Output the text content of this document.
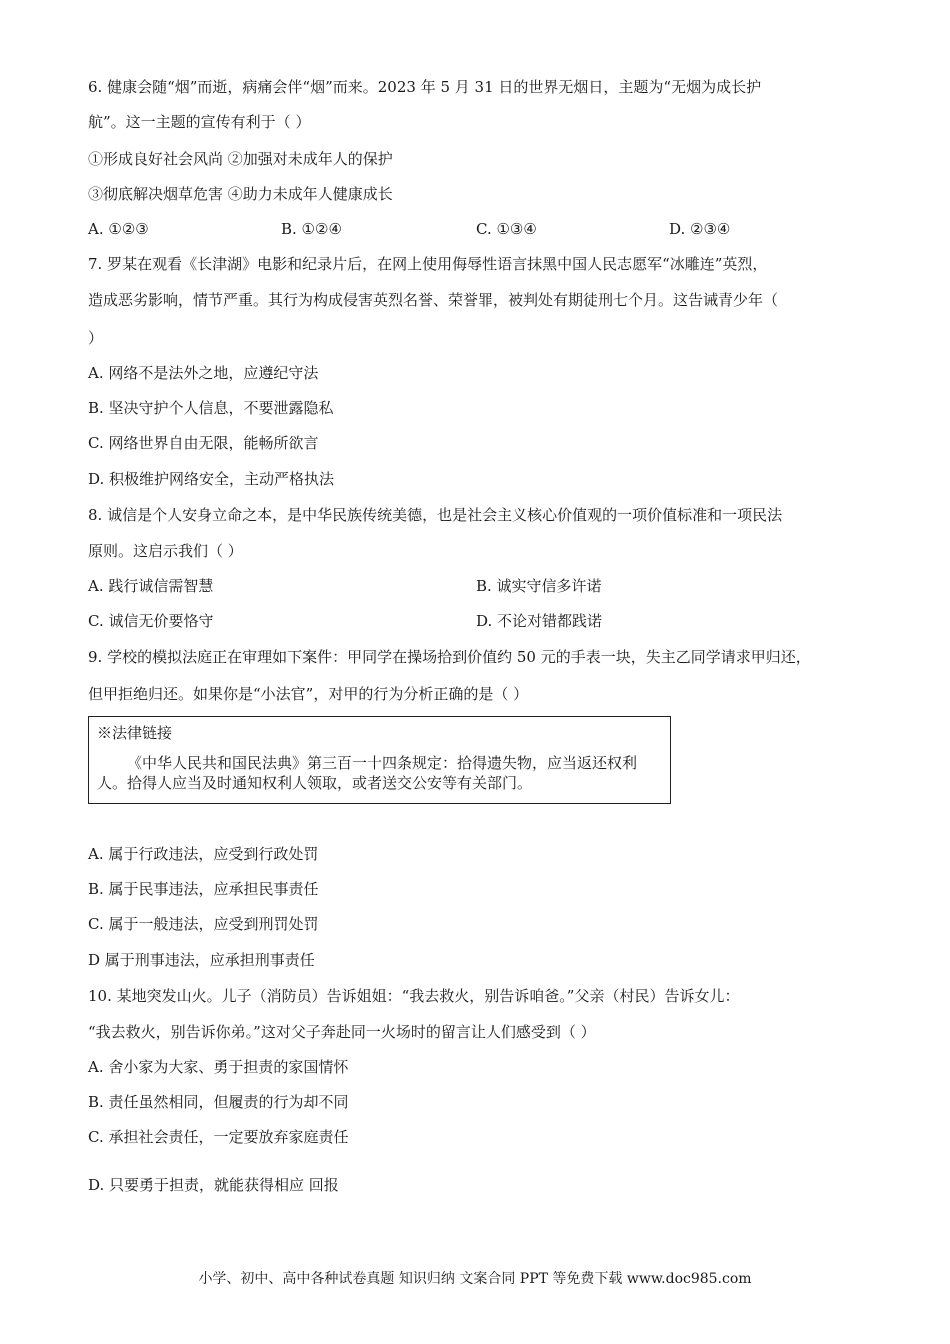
6. 健康会随“烟”而逝，病痛会伴“烟”而来。2023 年 5 月 31 日的世界无烟日，主题为“无烟为成长护
航”。这一主题的宣传有利于（ ）
①形成良好社会风尚 ②加强对未成年人的保护
③彻底解决烟草危害 ④助力未成年人健康成长
A. ①②③	B. ①②④	C. ①③④	D. ②③④
7. 罗某在观看《长津湖》电影和纪录片后，在网上使用侮辱性语言抹黑中国人民志愿军“冰雕连”英烈，
造成恶劣影响，情节严重。其行为构成侵害英烈名誉、荣誉罪，被判处有期徒刑七个月。这告诫青少年（
）
A. 网络不是法外之地，应遵纪守法
B. 坚决守护个人信息，不要泄露隐私
C. 网络世界自由无限，能畅所欲言
D. 积极维护网络安全，主动严格执法
8. 诚信是个人安身立命之本，是中华民族传统美德，也是社会主义核心价值观的一项价值标准和一项民法
原则。这启示我们（ ）
A. 践行诚信需智慧	B. 诚实守信多许诺
C. 诚信无价要恪守	D. 不论对错都践诺
9. 学校的模拟法庭正在审理如下案件：甲同学在操场拾到价值约 50 元的手表一块，失主乙同学请求甲归还，
但甲拒绝归还。如果你是“小法官”，对甲的行为分析正确的是（ ）
※法律链接
《中华人民共和国民法典》第三百一十四条规定：拾得遗失物，应当返还权利人。拾得人应当及时通知权利人领取，或者送交公安等有关部门。
A. 属于行政违法，应受到行政处罚
B. 属于民事违法，应承担民事责任
C. 属于一般违法，应受到刑罚处罚
D 属于刑事违法，应承担刑事责任
10. 某地突发山火。儿子（消防员）告诉姐姐：“我去救火，别告诉咱爸。”父亲（村民）告诉女儿：
“我去救火，别告诉你弟。”这对父子奔赴同一火场时的留言让人们感受到（ ）
A. 舍小家为大家、勇于担责的家国情怀
B. 责任虽然相同，但履责的行为却不同
C. 承担社会责任，一定要放弃家庭责任
D. 只要勇于担责，就能获得相应 回报
小学、初中、高中各种试卷真题 知识归纳 文案合同 PPT 等免费下载 www.doc985.com
